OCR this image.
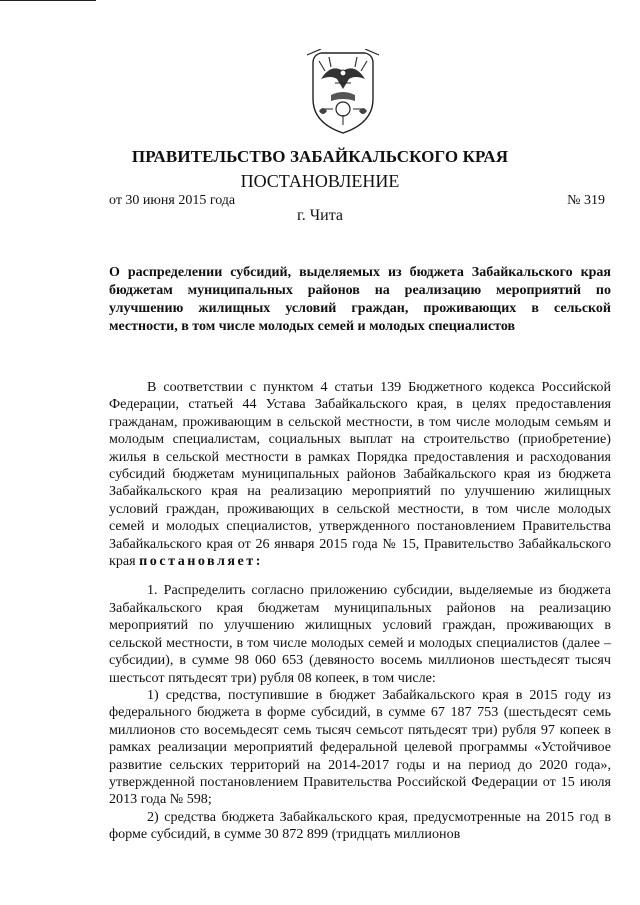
ПРАВИТЕЛЬСТВО ЗАБАЙКАЛЬСКОГО КРАЯ
ПОСТАНОВЛЕНИЕ
от 30 июня 2015 года	№ 319
г. Чита
О распределении субсидий, выделяемых из бюджета Забайкальского края бюджетам муниципальных районов на реализацию мероприятий по улучшению жилищных условий граждан, проживающих в сельской местности, в том числе молодых семей и молодых специалистов

В соответствии с пунктом 4 статьи 139 Бюджетного кодекса Российской Федерации, статьей 44 Устава Забайкальского края, в целях предоставления гражданам, проживающим в сельской местности, в том числе молодым семьям и молодым специалистам, социальных выплат на строительство (приобретение) жилья в сельской местности в рамках Порядка предоставления и расходования субсидий бюджетам муниципальных районов Забайкальского края из бюджета Забайкальского края на реализацию мероприятий по улучшению жилищных условий граждан, проживающих в сельской местности, в том числе молодых семей и молодых специалистов, утвержденного постановлением Правительства Забайкальского края от 26 января 2015 года № 15, Правительство Забайкальского края постановляет:

1. Распределить согласно приложению субсидии, выделяемые из бюджета Забайкальского края бюджетам муниципальных районов на реализацию мероприятий по улучшению жилищных условий граждан, проживающих в сельской местности, в том числе молодых семей и молодых специалистов (далее – субсидии), в сумме 98 060 653 (девяносто восемь миллионов шестьдесят тысяч шестьсот пятьдесят три) рубля 08 копеек, в том числе:

1) средства, поступившие в бюджет Забайкальского края в 2015 году из федерального бюджета в форме субсидий, в сумме 67 187 753 (шестьдесят семь миллионов сто восемьдесят семь тысяч семьсот пятьдесят три) рубля 97 копеек в рамках реализации мероприятий федеральной целевой программы «Устойчивое развитие сельских территорий на 2014-2017 годы и на период до 2020 года», утвержденной постановлением Правительства Российской Федерации от 15 июля 2013 года № 598;

2) средства бюджета Забайкальского края, предусмотренные на 2015 год в форме субсидий, в сумме 30 872 899 (тридцать миллионов
